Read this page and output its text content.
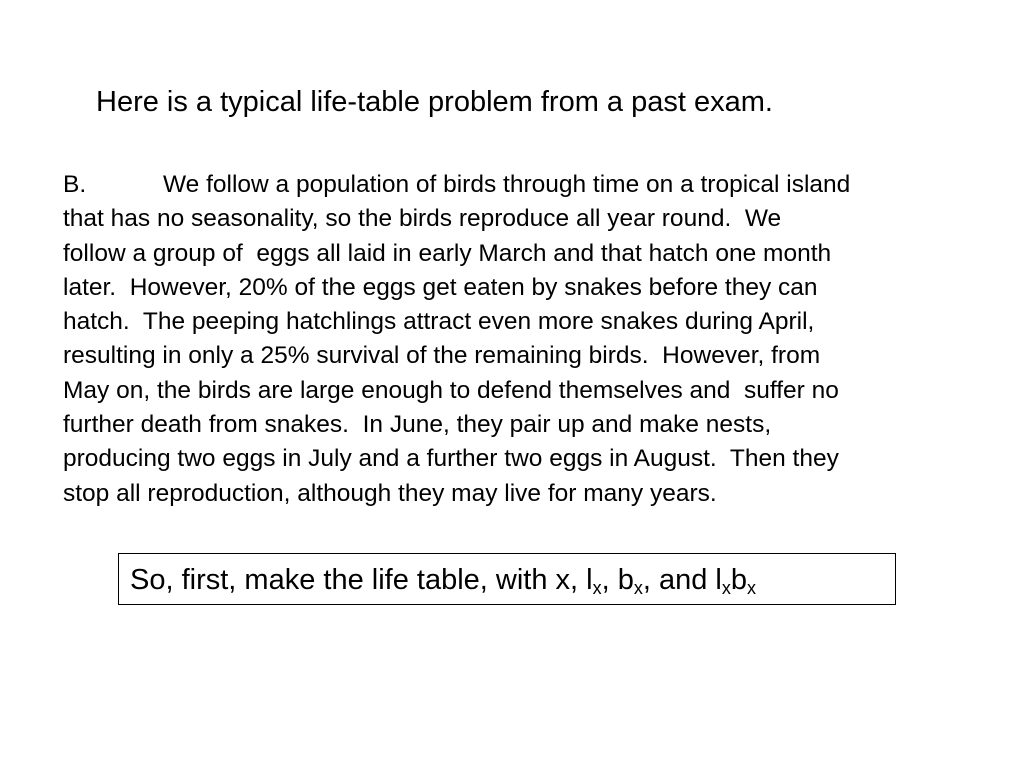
Here is a typical life-table problem from a past exam.
B.	We follow a population of birds through time on a tropical island
that has no seasonality, so the birds reproduce all year round.  We
follow a group of  eggs all laid in early March and that hatch one month
later.  However, 20% of the eggs get eaten by snakes before they can
hatch.  The peeping hatchlings attract even more snakes during April,
resulting in only a 25% survival of the remaining birds.  However, from
May on, the birds are large enough to defend themselves and  suffer no
further death from snakes.  In June, they pair up and make nests,
producing two eggs in July and a further two eggs in August.  Then they
stop all reproduction, although they may live for many years.
So, first, make the life table, with x, $l_x$, $b_x$, and $l_xb_x$
